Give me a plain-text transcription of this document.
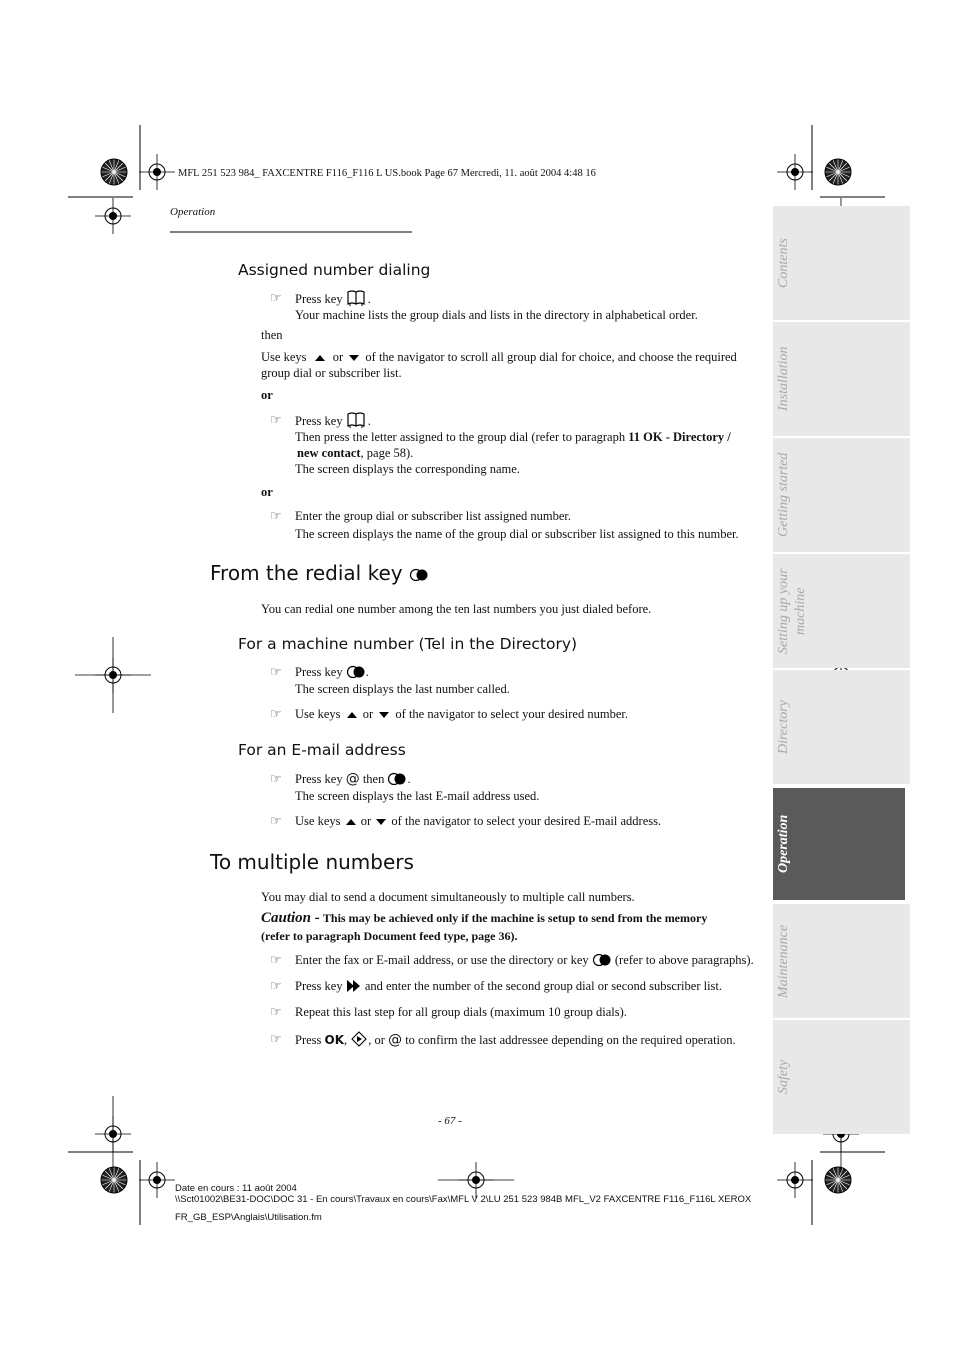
MFL 251 523 984_ FAXCENTRE F116_F116 L US.book Page 67 Mercredi, 11. août 2004 4:48 16
Operation
Contents
Installation
Getting started
Setting up your machine
Directory
Operation
Maintenance
Safety
Assigned number dialing
☞ Press key .
Your machine lists the group dials and lists in the directory in alphabetical order.
then
Use keys or of the navigator to scroll all group dial for choice, and choose the required
group dial or subscriber list.
or
☞ Press key .
Then press the letter assigned to the group dial (refer to paragraph 11 OK - Directory /
new contact, page 58).
The screen displays the corresponding name.
or
☞ Enter the group dial or subscriber list assigned number.
The screen displays the name of the group dial or subscriber list assigned to this number.
From the redial key
You can redial one number among the ten last numbers you just dialed before.
For a machine number (Tel in the Directory)
☞ Press key .
The screen displays the last number called.
☞ Use keys or of the navigator to select your desired number.
For an E-mail address
☞ Press key @ then .
The screen displays the last E-mail address used.
☞ Use keys or of the navigator to select your desired E-mail address.
To multiple numbers
You may dial to send a document simultaneously to multiple call numbers.
Caution - This may be achieved only if the machine is setup to send from the memory
(refer to paragraph Document feed type, page 36).
☞ Enter the fax or E-mail address, or use the directory or key (refer to above paragraphs).
☞ Press key and enter the number of the second group dial or second subscriber list.
☞ Repeat this last step for all group dials (maximum 10 group dials).
☞ Press OK, , or @ to confirm the last addressee depending on the required operation.
- 67 -
Date en cours : 11 août 2004
\\Sct01002\BE31-DOC\DOC 31 - En cours\Travaux en cours\Fax\MFL V 2\LU 251 523 984B MFL_V2 FAXCENTRE F116_F116L XEROX
FR_GB_ESP\Anglais\Utilisation.fm
